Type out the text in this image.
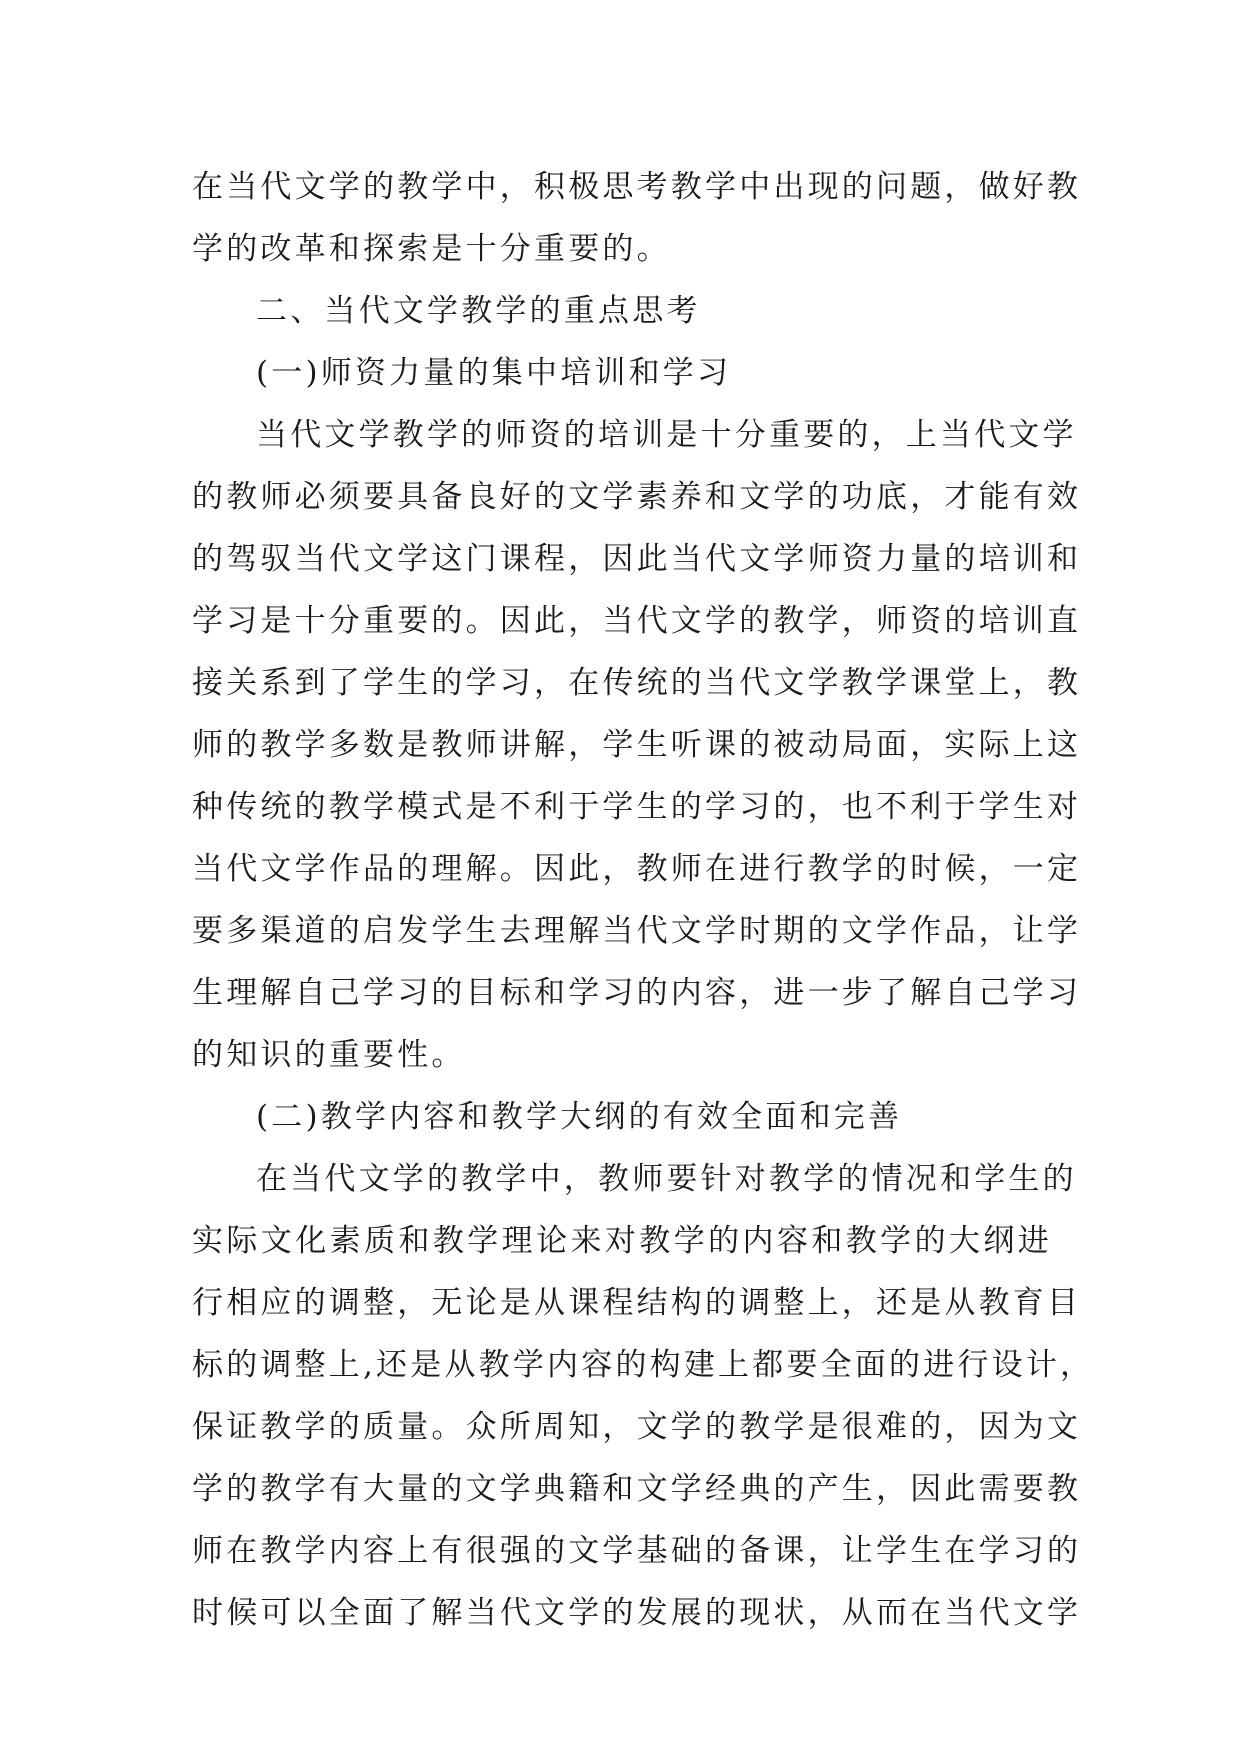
在当代文学的教学中，积极思考教学中出现的问题，做好教
学的改革和探索是十分重要的。
二、当代文学教学的重点思考
(一)师资力量的集中培训和学习
当代文学教学的师资的培训是十分重要的，上当代文学
的教师必须要具备良好的文学素养和文学的功底，才能有效
的驾驭当代文学这门课程，因此当代文学师资力量的培训和
学习是十分重要的。因此，当代文学的教学，师资的培训直
接关系到了学生的学习，在传统的当代文学教学课堂上，教
师的教学多数是教师讲解，学生听课的被动局面，实际上这
种传统的教学模式是不利于学生的学习的，也不利于学生对
当代文学作品的理解。因此，教师在进行教学的时候，一定
要多渠道的启发学生去理解当代文学时期的文学作品，让学
生理解自己学习的目标和学习的内容，进一步了解自己学习
的知识的重要性。
(二)教学内容和教学大纲的有效全面和完善
在当代文学的教学中，教师要针对教学的情况和学生的
实际文化素质和教学理论来对教学的内容和教学的大纲进
行相应的调整，无论是从课程结构的调整上，还是从教育目
标的调整上,还是从教学内容的构建上都要全面的进行设计，
保证教学的质量。众所周知，文学的教学是很难的，因为文
学的教学有大量的文学典籍和文学经典的产生，因此需要教
师在教学内容上有很强的文学基础的备课，让学生在学习的
时候可以全面了解当代文学的发展的现状，从而在当代文学
